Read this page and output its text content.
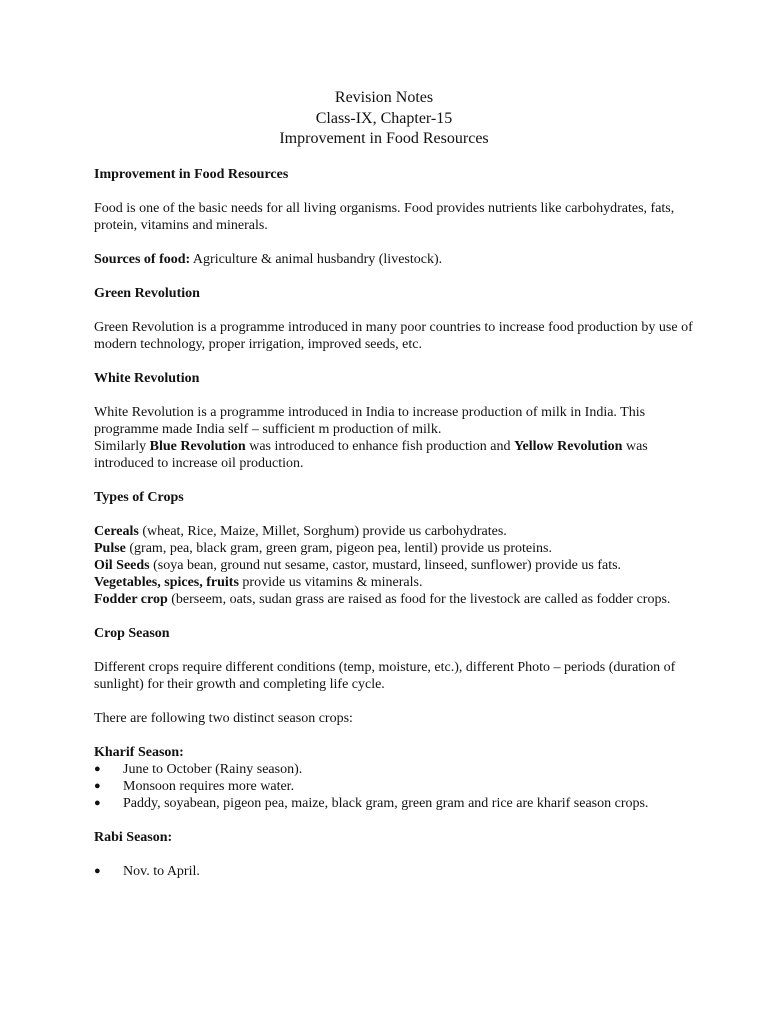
Revision Notes
Class-IX, Chapter-15
Improvement in Food Resources

Improvement in Food Resources

Food is one of the basic needs for all living organisms. Food provides nutrients like carbohydrates, fats, protein, vitamins and minerals.

Sources of food: Agriculture & animal husbandry (livestock).

Green Revolution

Green Revolution is a programme introduced in many poor countries to increase food production by use of modern technology, proper irrigation, improved seeds, etc.

White Revolution

White Revolution is a programme introduced in India to increase production of milk in India. This programme made India self – sufficient m production of milk.

Similarly Blue Revolution was introduced to enhance fish production and Yellow Revolution was introduced to increase oil production.

Types of Crops

Cereals (wheat, Rice, Maize, Millet, Sorghum) provide us carbohydrates.

Pulse (gram, pea, black gram, green gram, pigeon pea, lentil) provide us proteins.

Oil Seeds (soya bean, ground nut sesame, castor, mustard, linseed, sunflower) provide us fats.

Vegetables, spices, fruits provide us vitamins & minerals.

Fodder crop (berseem, oats, sudan grass are raised as food for the livestock are called as fodder crops.

Crop Season

Different crops require different conditions (temp, moisture, etc.), different Photo – periods (duration of sunlight) for their growth and completing life cycle.

There are following two distinct season crops:

Kharif Season:

●	June to October (Rainy season).
●	Monsoon requires more water.
●	Paddy, soyabean, pigeon pea, maize, black gram, green gram and rice are kharif season crops.

Rabi Season:

●	Nov. to April.
